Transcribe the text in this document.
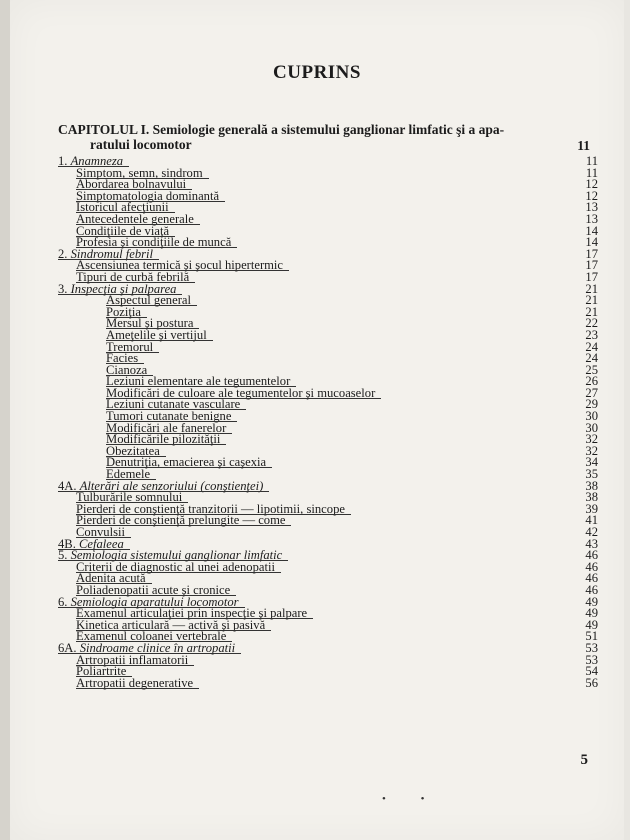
CUPRINS
CAPITOLUL I. Semiologie generală a sistemului ganglionar limfatic şi a apa-
ratului locomotor	11
1. Anamneza	11
Simptom, semn, sindrom	11
Abordarea bolnavului	12
Simptomatologia dominantă	12
Istoricul afecţiunii	13
Antecedentele generale	13
Condiţiile de viaţă	14
Profesia şi condiţiile de muncă	14
2. Sindromul febril	17
Ascensiunea termică şi şocul hipertermic	17
Tipuri de curbă febrilă	17
3. Inspecţia şi palparea	21
Aspectul general	21
Poziţia	21
Mersul şi postura	22
Ameţelile şi vertijul	23
Tremorul	24
Facies	24
Cianoza	25
Leziuni elementare ale tegumentelor	26
Modificări de culoare ale tegumentelor şi mucoaselor	27
Leziuni cutanate vasculare	29
Tumori cutanate benigne	30
Modificări ale fanerelor	30
Modificările pilozităţii	32
Obezitatea	32
Denutriţia, emacierea şi caşexia	34
Edemele	35
4A. Alterări ale senzoriului (conştienţei)	38
Tulburările somnului	38
Pierderi de conştienţă tranzitorii — lipotimii, sincope	39
Pierderi de conştienţă prelungite — come	41
Convulsii	42
4B. Cefaleea	43
5. Semiologia sistemului ganglionar limfatic	46
Criterii de diagnostic al unei adenopatii	46
Adenita acută	46
Poliadenopatii acute şi cronice	46
6. Semiologia aparatului locomotor	49
Examenul articulaţiei prin inspecţie şi palpare	49
Kinetica articulară — activă şi pasivă	49
Examenul coloanei vertebrale	51
6A. Sindroame clinice în artropatii	53
Artropatii inflamatorii	53
Poliartrite	54
Artropatii degenerative	56
5
• •
